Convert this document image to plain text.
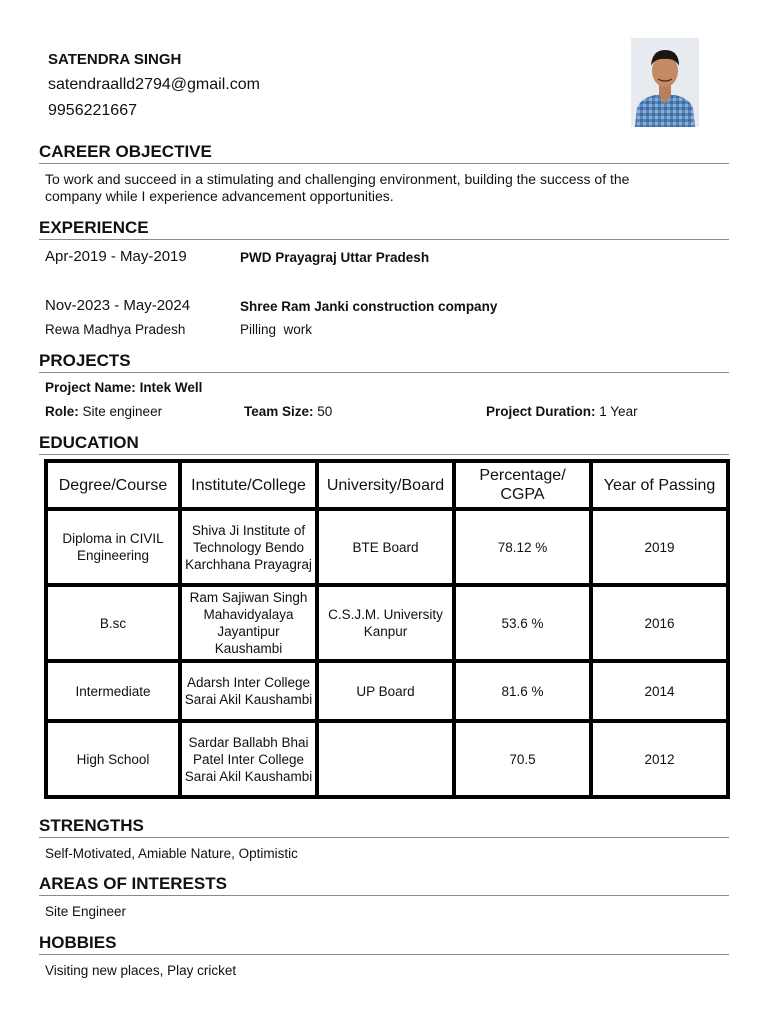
SATENDRA SINGH
satendraalld2794@gmail.com
9956221667
CAREER OBJECTIVE
To work and succeed in a stimulating and challenging environment, building the success of the
company while I experience advancement opportunities.
EXPERIENCE
Apr-2019 - May-2019	PWD Prayagraj Uttar Pradesh
Nov-2023 - May-2024	Shree Ram Janki construction company
Rewa Madhya Pradesh	Pilling  work
PROJECTS
Project Name: Intek Well
Role: Site engineer	Team Size: 50	Project Duration: 1 Year
EDUCATION
Degree/Course	Institute/College	University/Board	Percentage/ CGPA	Year of Passing
Diploma in CIVIL Engineering	Shiva Ji Institute of Technology Bendo Karchhana Prayagraj	BTE Board	78.12 %	2019
B.sc	Ram Sajiwan Singh Mahavidyalaya Jayantipur Kaushambi	C.S.J.M. University Kanpur	53.6 %	2016
Intermediate	Adarsh Inter College Sarai Akil Kaushambi	UP Board	81.6 %	2014
High School	Sardar Ballabh Bhai Patel Inter College Sarai Akil Kaushambi		70.5	2012
STRENGTHS
Self-Motivated, Amiable Nature, Optimistic
AREAS OF INTERESTS
Site Engineer
HOBBIES
Visiting new places, Play cricket
